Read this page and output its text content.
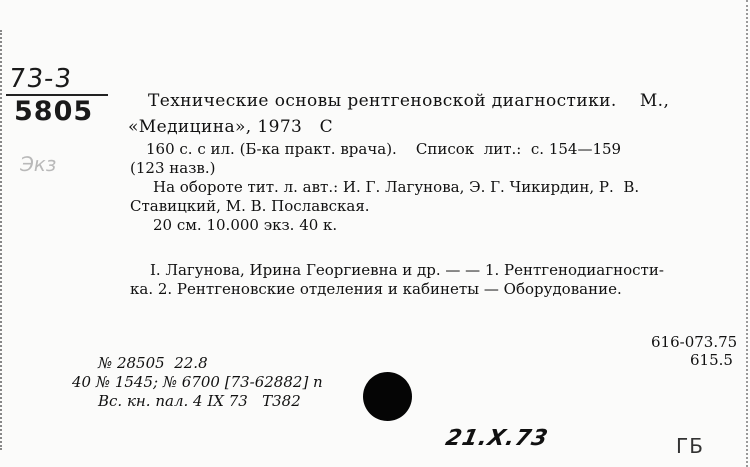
73-3
5805
Экз
Технические основы рентгеновской диагностики.    М.,
«Медицина», 1973   С
160 с. с ил. (Б-ка практ. врача).    Список  лит.:  с. 154—159
(123 назв.)
На обороте тит. л. авт.: И. Г. Лагунова, Э. Г. Чикирдин, Р.  В.
Ставицкий, М. В. Пославская.
20 см. 10.000 экз. 40 к.
I. Лагунова, Ирина Георгиевна и др. — — 1. Рентгенодиагности-
ка. 2. Рентгеновские отделения и кабинеты — Оборудование.
616-073.75
615.5
№ 28505  22.8
40 № 1545; № 6700 [73-62882] п
Вс. кн. пал. 4 IX 73   Т382
21.X.73	ГБ
